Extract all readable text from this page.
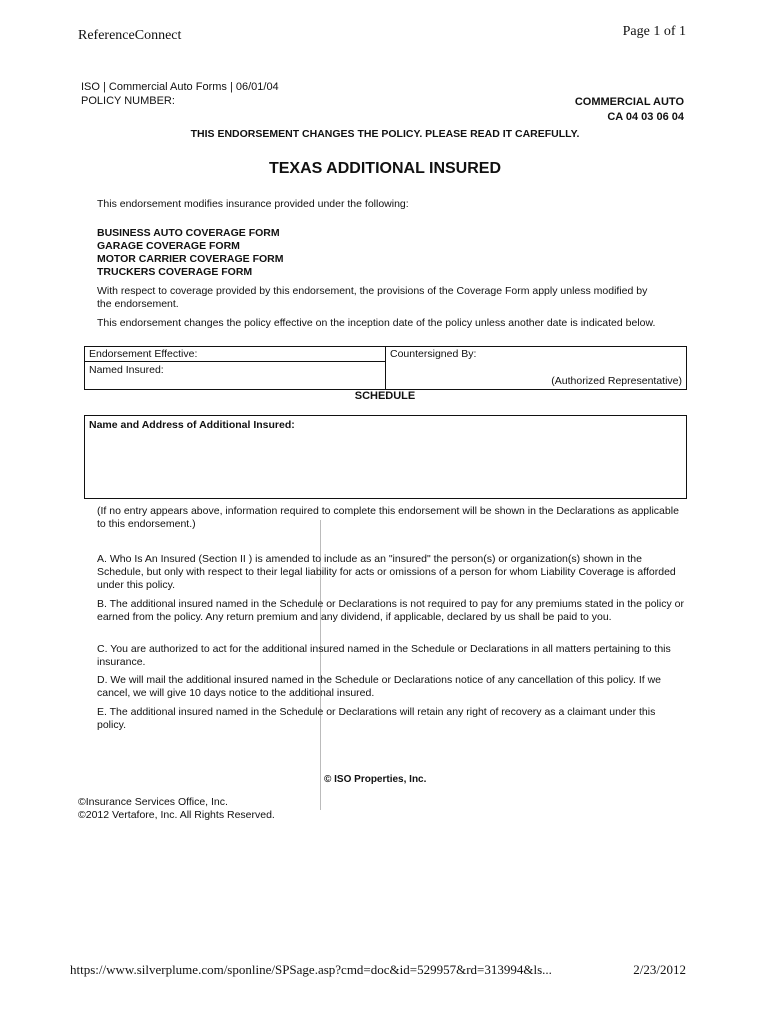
ReferenceConnect	Page 1 of 1
ISO | Commercial Auto Forms | 06/01/04
POLICY NUMBER:	COMMERCIAL AUTO
CA 04 03 06 04
THIS ENDORSEMENT CHANGES THE POLICY. PLEASE READ IT CAREFULLY.
TEXAS ADDITIONAL INSURED
This endorsement modifies insurance provided under the following:
BUSINESS AUTO COVERAGE FORM
GARAGE COVERAGE FORM
MOTOR CARRIER COVERAGE FORM
TRUCKERS COVERAGE FORM
With respect to coverage provided by this endorsement, the provisions of the Coverage Form apply unless modified by the endorsement.
This endorsement changes the policy effective on the inception date of the policy unless another date is indicated below.
Endorsement Effective:	Countersigned By:
Named Insured:
(Authorized Representative)
SCHEDULE
Name and Address of Additional Insured:
(If no entry appears above, information required to complete this endorsement will be shown in the Declarations as applicable to this endorsement.)
A. Who Is An Insured (Section II ) is amended to include as an "insured" the person(s) or organization(s) shown in the Schedule, but only with respect to their legal liability for acts or omissions of a person for whom Liability Coverage is afforded under this policy.
B. The additional insured named in the Schedule or Declarations is not required to pay for any premiums stated in the policy or earned from the policy. Any return premium and any dividend, if applicable, declared by us shall be paid to you.
C. You are authorized to act for the additional insured named in the Schedule or Declarations in all matters pertaining to this insurance.
D. We will mail the additional insured named in the Schedule or Declarations notice of any cancellation of this policy. If we cancel, we will give 10 days notice to the additional insured.
E. The additional insured named in the Schedule or Declarations will retain any right of recovery as a claimant under this policy.
© ISO Properties, Inc.
©Insurance Services Office, Inc.
©2012 Vertafore, Inc. All Rights Reserved.
https://www.silverplume.com/sponline/SPSage.asp?cmd=doc&id=529957&rd=313994&ls...	2/23/2012
